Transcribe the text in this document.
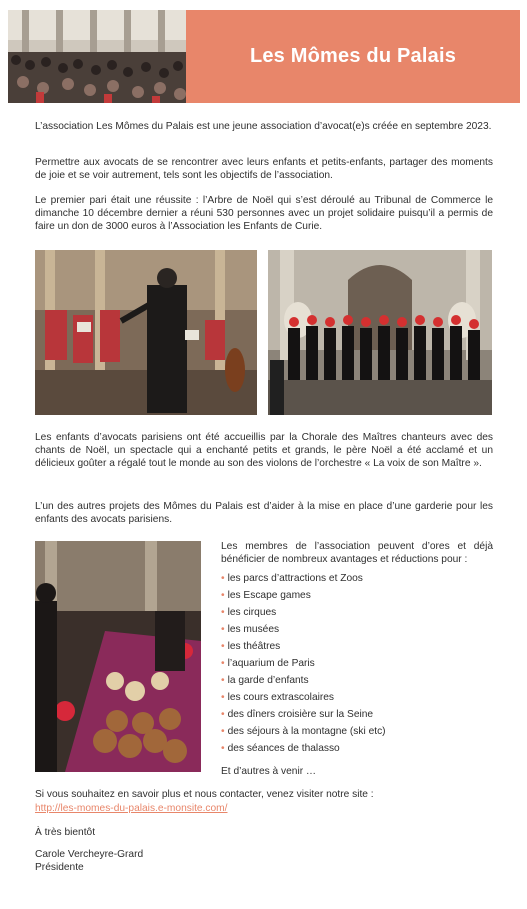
Les Mômes du Palais

L’association Les Mômes du Palais est une jeune association d’avocat(e)s créée en septembre 2023.

Permettre aux avocats de se rencontrer avec leurs enfants et petits-enfants, partager des moments de joie et se voir autrement, tels sont les objectifs de l’association.

Le premier pari était une réussite : l’Arbre de Noël qui s’est déroulé au Tribunal de Commerce le dimanche 10 décembre dernier a réuni 530 personnes avec un projet solidaire puisqu’il a permis de faire un don de 3000 euros à l’Association les Enfants de Curie.

Les enfants d’avocats parisiens ont été accueillis par la Chorale des Maîtres chanteurs avec des chants de Noël, un spectacle qui a enchanté petits et grands, le père Noël a été acclamé et un délicieux goûter a régalé tout le monde au son des violons de l’orchestre « La voix de son Maître ».

L’un des autres projets des Mômes du Palais est d’aider à la mise en place d’une garderie pour les enfants des avocats parisiens.

Les membres de l’association peuvent d’ores et déjà bénéficier de nombreux avantages et réductions pour :

• les parcs d’attractions et Zoos
• les Escape games
• les cirques
• les musées
• les théâtres
• l’aquarium de Paris
• la garde d’enfants
• les cours extrascolaires
• des dîners croisière sur la Seine
• des séjours à la montagne (ski etc)
• des séances de thalasso

Et d’autres à venir …

Si vous souhaitez en savoir plus et nous contacter, venez visiter notre site :

http://les-momes-du-palais.e-monsite.com/

À très bientôt

Carole Vercheyre-Grard

Présidente
